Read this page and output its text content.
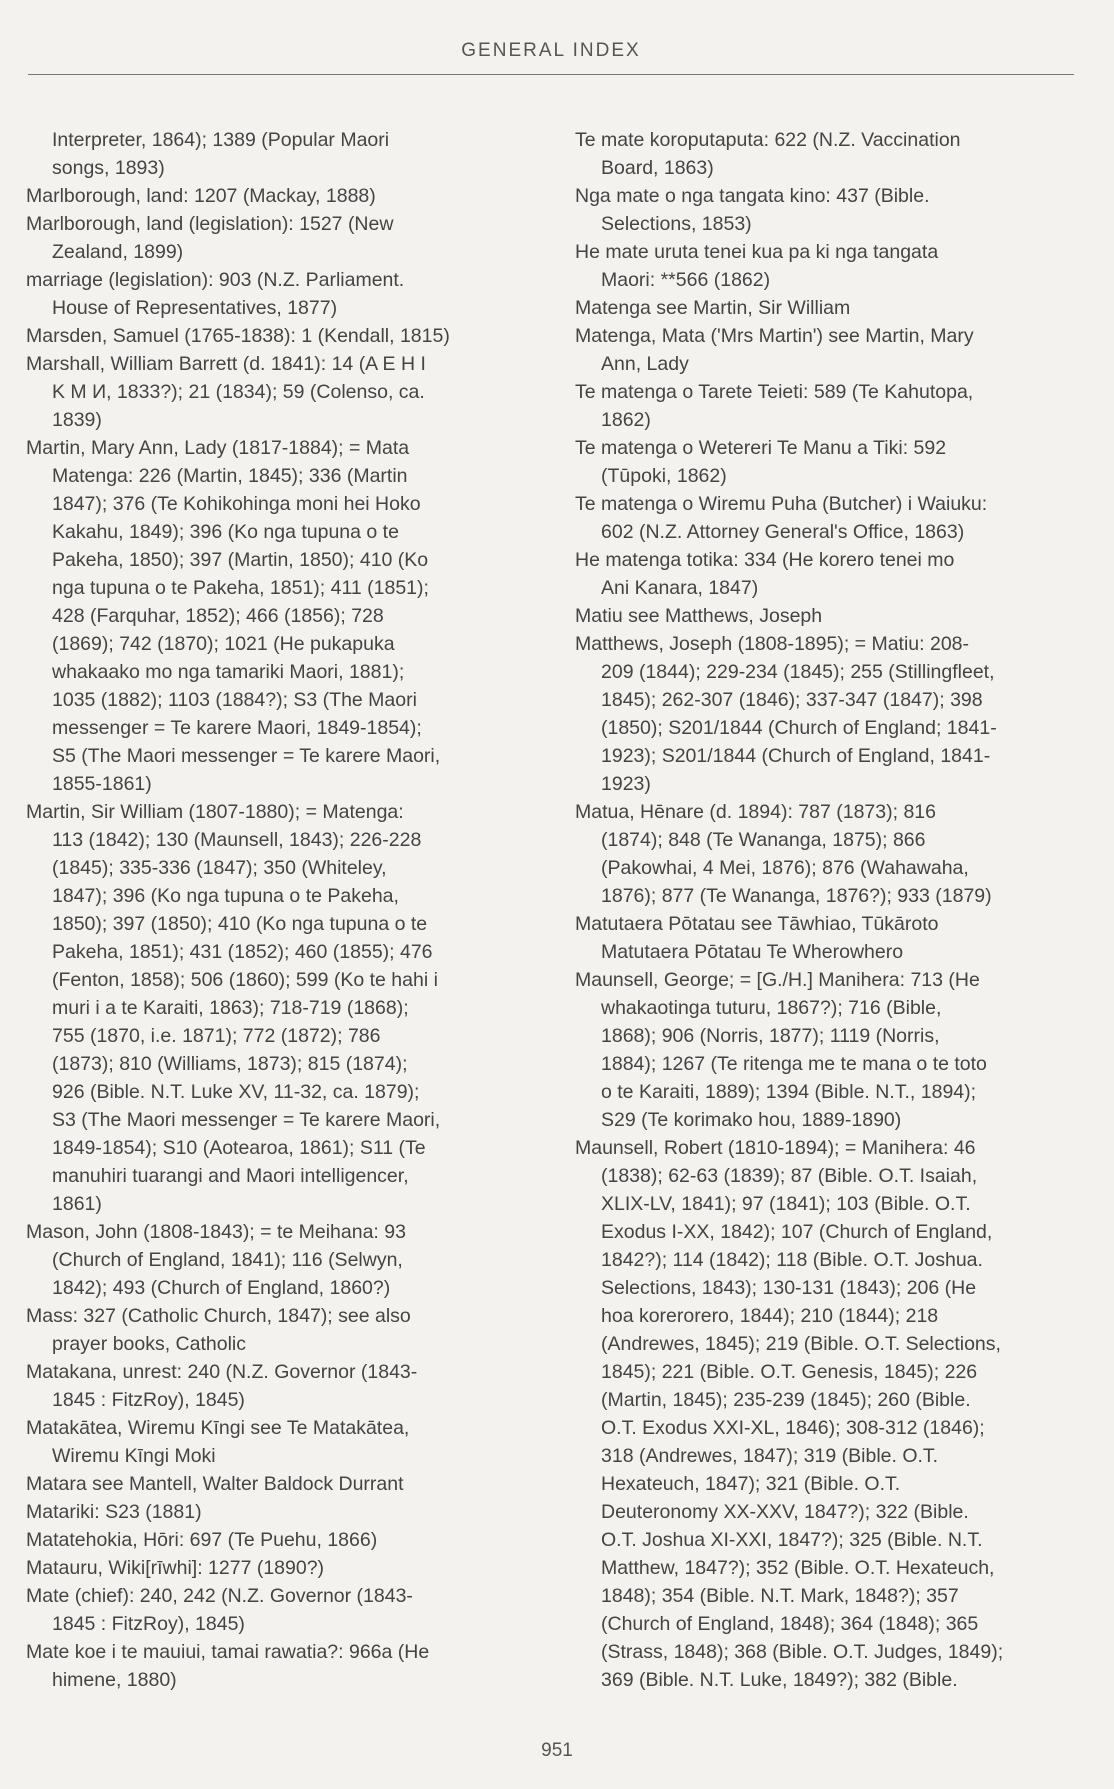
GENERAL INDEX
Interpreter, 1864); 1389 (Popular Maori
songs, 1893)
Marlborough, land: 1207 (Mackay, 1888)
Marlborough, land (legislation): 1527 (New
Zealand, 1899)
marriage (legislation): 903 (N.Z. Parliament.
House of Representatives, 1877)
Marsden, Samuel (1765-1838): 1 (Kendall, 1815)
Marshall, William Barrett (d. 1841): 14 (A E H I
K M И, 1833?); 21 (1834); 59 (Colenso, ca.
1839)
Martin, Mary Ann, Lady (1817-1884); = Mata
Matenga: 226 (Martin, 1845); 336 (Martin
1847); 376 (Te Kohikohinga moni hei Hoko
Kakahu, 1849); 396 (Ko nga tupuna o te
Pakeha, 1850); 397 (Martin, 1850); 410 (Ko
nga tupuna o te Pakeha, 1851); 411 (1851);
428 (Farquhar, 1852); 466 (1856); 728
(1869); 742 (1870); 1021 (He pukapuka
whakaako mo nga tamariki Maori, 1881);
1035 (1882); 1103 (1884?); S3 (The Maori
messenger = Te karere Maori, 1849-1854);
S5 (The Maori messenger = Te karere Maori,
1855-1861)
Martin, Sir William (1807-1880); = Matenga:
113 (1842); 130 (Maunsell, 1843); 226-228
(1845); 335-336 (1847); 350 (Whiteley,
1847); 396 (Ko nga tupuna o te Pakeha,
1850); 397 (1850); 410 (Ko nga tupuna o te
Pakeha, 1851); 431 (1852); 460 (1855); 476
(Fenton, 1858); 506 (1860); 599 (Ko te hahi i
muri i a te Karaiti, 1863); 718-719 (1868);
755 (1870, i.e. 1871); 772 (1872); 786
(1873); 810 (Williams, 1873); 815 (1874);
926 (Bible. N.T. Luke XV, 11-32, ca. 1879);
S3 (The Maori messenger = Te karere Maori,
1849-1854); S10 (Aotearoa, 1861); S11 (Te
manuhiri tuarangi and Maori intelligencer,
1861)
Mason, John (1808-1843); = te Meihana: 93
(Church of England, 1841); 116 (Selwyn,
1842); 493 (Church of England, 1860?)
Mass: 327 (Catholic Church, 1847); see also
prayer books, Catholic
Matakana, unrest: 240 (N.Z. Governor (1843-
1845 : FitzRoy), 1845)
Matakātea, Wiremu Kīngi see Te Matakātea,
Wiremu Kīngi Moki
Matara see Mantell, Walter Baldock Durrant
Matariki: S23 (1881)
Matatehokia, Hōri: 697 (Te Puehu, 1866)
Matauru, Wiki[rīwhi]: 1277 (1890?)
Mate (chief): 240, 242 (N.Z. Governor (1843-
1845 : FitzRoy), 1845)
Mate koe i te mauiui, tamai rawatia?: 966a (He
himene, 1880)
Te mate koroputaputa: 622 (N.Z. Vaccination
Board, 1863)
Nga mate o nga tangata kino: 437 (Bible.
Selections, 1853)
He mate uruta tenei kua pa ki nga tangata
Maori: **566 (1862)
Matenga see Martin, Sir William
Matenga, Mata ('Mrs Martin') see Martin, Mary
Ann, Lady
Te matenga o Tarete Teieti: 589 (Te Kahutopa,
1862)
Te matenga o Wetereri Te Manu a Tiki: 592
(Tūpoki, 1862)
Te matenga o Wiremu Puha (Butcher) i Waiuku:
602 (N.Z. Attorney General's Office, 1863)
He matenga totika: 334 (He korero tenei mo
Ani Kanara, 1847)
Matiu see Matthews, Joseph
Matthews, Joseph (1808-1895); = Matiu: 208-
209 (1844); 229-234 (1845); 255 (Stillingfleet,
1845); 262-307 (1846); 337-347 (1847); 398
(1850); S201/1844 (Church of England; 1841-
1923); S201/1844 (Church of England, 1841-
1923)
Matua, Hēnare (d. 1894): 787 (1873); 816
(1874); 848 (Te Wananga, 1875); 866
(Pakowhai, 4 Mei, 1876); 876 (Wahawaha,
1876); 877 (Te Wananga, 1876?); 933 (1879)
Matutaera Pōtatau see Tāwhiao, Tūkāroto
Matutaera Pōtatau Te Wherowhero
Maunsell, George; = [G./H.] Manihera: 713 (He
whakaotinga tuturu, 1867?); 716 (Bible,
1868); 906 (Norris, 1877); 1119 (Norris,
1884); 1267 (Te ritenga me te mana o te toto
o te Karaiti, 1889); 1394 (Bible. N.T., 1894);
S29 (Te korimako hou, 1889-1890)
Maunsell, Robert (1810-1894); = Manihera: 46
(1838); 62-63 (1839); 87 (Bible. O.T. Isaiah,
XLIX-LV, 1841); 97 (1841); 103 (Bible. O.T.
Exodus I-XX, 1842); 107 (Church of England,
1842?); 114 (1842); 118 (Bible. O.T. Joshua.
Selections, 1843); 130-131 (1843); 206 (He
hoa korerorero, 1844); 210 (1844); 218
(Andrewes, 1845); 219 (Bible. O.T. Selections,
1845); 221 (Bible. O.T. Genesis, 1845); 226
(Martin, 1845); 235-239 (1845); 260 (Bible.
O.T. Exodus XXI-XL, 1846); 308-312 (1846);
318 (Andrewes, 1847); 319 (Bible. O.T.
Hexateuch, 1847); 321 (Bible. O.T.
Deuteronomy XX-XXV, 1847?); 322 (Bible.
O.T. Joshua XI-XXI, 1847?); 325 (Bible. N.T.
Matthew, 1847?); 352 (Bible. O.T. Hexateuch,
1848); 354 (Bible. N.T. Mark, 1848?); 357
(Church of England, 1848); 364 (1848); 365
(Strass, 1848); 368 (Bible. O.T. Judges, 1849);
369 (Bible. N.T. Luke, 1849?); 382 (Bible.
951
